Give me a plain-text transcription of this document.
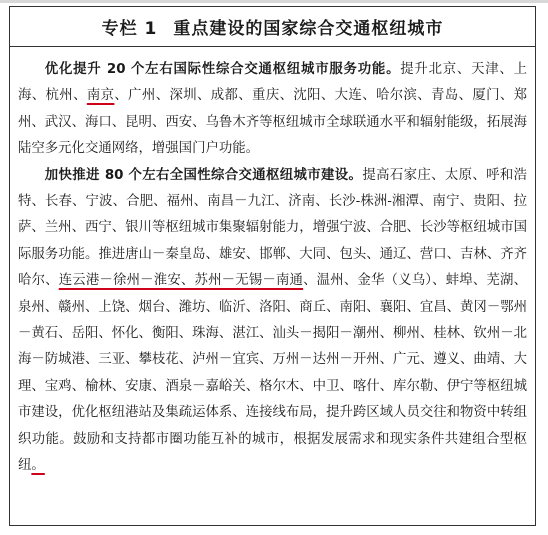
专栏 1 重点建设的国家综合交通枢纽城市

优化提升 20 个左右国际性综合交通枢纽城市服务功能。提升北京、天津、上海、杭州、南京、广州、深圳、成都、重庆、沈阳、大连、哈尔滨、青岛、厦门、郑州、武汉、海口、昆明、西安、乌鲁木齐等枢纽城市全球联通水平和辐射能级，拓展海陆空多元化交通网络，增强国门户功能。

加快推进 80 个左右全国性综合交通枢纽城市建设。提高石家庄、太原、呼和浩特、长春、宁波、合肥、福州、南昌－九江、济南、长沙-株洲-湘潭、南宁、贵阳、拉萨、兰州、西宁、银川等枢纽城市集聚辐射能力，增强宁波、合肥、长沙等枢纽城市国际服务功能。推进唐山－秦皇岛、雄安、邯郸、大同、包头、通辽、营口、吉林、齐齐哈尔、连云港－徐州－淮安、苏州－无锡－南通、温州、金华（义乌）、蚌埠、芜湖、泉州、赣州、上饶、烟台、潍坊、临沂、洛阳、商丘、南阳、襄阳、宜昌、黄冈－鄂州－黄石、岳阳、怀化、衡阳、珠海、湛江、汕头－揭阳－潮州、柳州、桂林、钦州－北海－防城港、三亚、攀枝花、泸州－宜宾、万州－达州－开州、广元、遵义、曲靖、大理、宝鸡、榆林、安康、酒泉－嘉峪关、格尔木、中卫、喀什、库尔勒、伊宁等枢纽城市建设，优化枢纽港站及集疏运体系、连接线布局，提升跨区域人员交往和物资中转组织功能。鼓励和支持都市圈功能互补的城市，根据发展需求和现实条件共建组合型枢纽。
